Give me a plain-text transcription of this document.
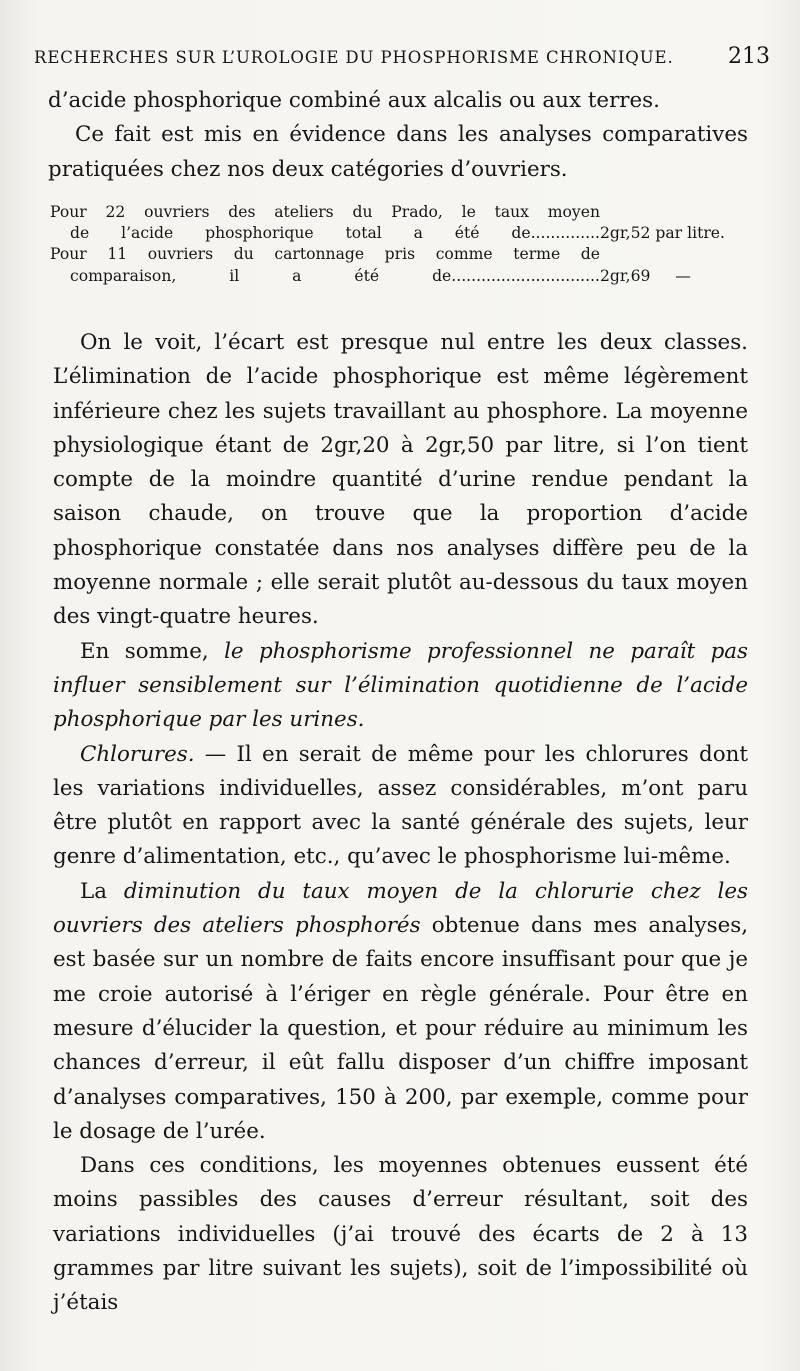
RECHERCHES SUR L’UROLOGIE DU PHOSPHORISME CHRONIQUE. 213

d’acide phosphorique combiné aux alcalis ou aux terres.

Ce fait est mis en évidence dans les analyses comparatives pratiquées chez nos deux catégories d’ouvriers.

Pour 22 ouvriers des ateliers du Prado, le taux moyen
de l’acide phosphorique total a été de.............. 2gr,52 par litre.
Pour 11 ouvriers du cartonnage pris comme terme de
comparaison, il a été de.............................. 2gr,69     —

On le voit, l’écart est presque nul entre les deux classes. L’élimination de l’acide phosphorique est même légèrement inférieure chez les sujets travaillant au phosphore. La moyenne physiologique étant de 2gr,20 à 2gr,50 par litre, si l’on tient compte de la moindre quantité d’urine rendue pendant la saison chaude, on trouve que la proportion d’acide phosphorique constatée dans nos analyses diffère peu de la moyenne normale ; elle serait plutôt au-dessous du taux moyen des vingt-quatre heures.

En somme, le phosphorisme professionnel ne paraît pas influer sensiblement sur l’élimination quotidienne de l’acide phosphorique par les urines.

Chlorures. — Il en serait de même pour les chlorures dont les variations individuelles, assez considérables, m’ont paru être plutôt en rapport avec la santé générale des sujets, leur genre d’alimentation, etc., qu’avec le phosphorisme lui-même.

La diminution du taux moyen de la chlorurie chez les ouvriers des ateliers phosphorés obtenue dans mes analyses, est basée sur un nombre de faits encore insuffisant pour que je me croie autorisé à l’ériger en règle générale. Pour être en mesure d’élucider la question, et pour réduire au minimum les chances d’erreur, il eût fallu disposer d’un chiffre imposant d’analyses comparatives, 150 à 200, par exemple, comme pour le dosage de l’urée.

Dans ces conditions, les moyennes obtenues eussent été moins passibles des causes d’erreur résultant, soit des variations individuelles (j’ai trouvé des écarts de 2 à 13 grammes par litre suivant les sujets), soit de l’impossibilité où j’étais
